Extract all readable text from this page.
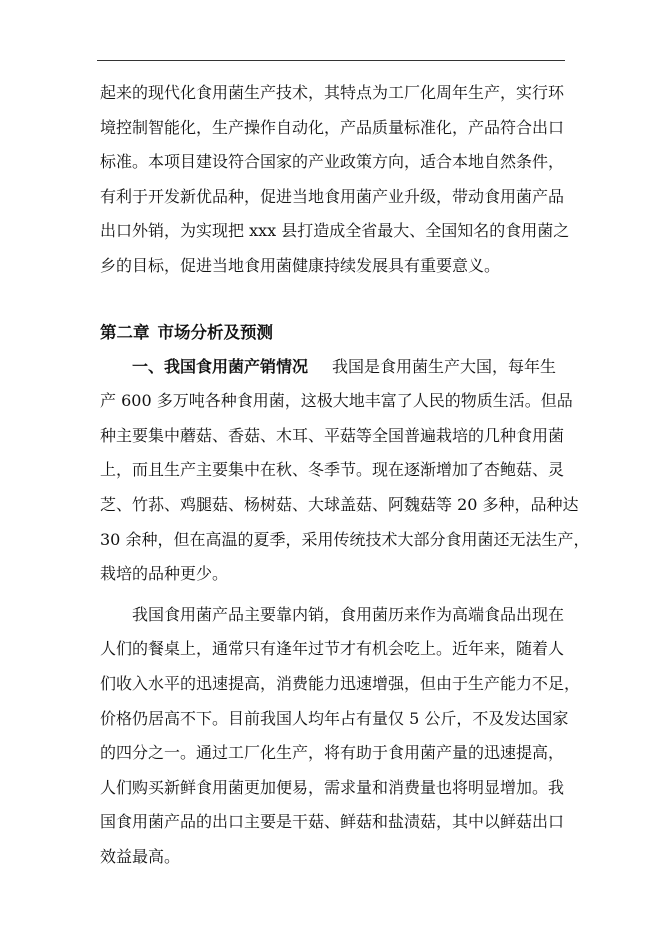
起来的现代化食用菌生产技术，其特点为工厂化周年生产，实行环
境控制智能化，生产操作自动化，产品质量标准化，产品符合出口
标准。本项目建设符合国家的产业政策方向，适合本地自然条件，
有利于开发新优品种，促进当地食用菌产业升级，带动食用菌产品
出口外销，为实现把 xxx 县打造成全省最大、全国知名的食用菌之
乡的目标，促进当地食用菌健康持续发展具有重要意义。
第二章 市场分析及预测
一、我国食用菌产销情况 我国是食用菌生产大国，每年生
产 600 多万吨各种食用菌，这极大地丰富了人民的物质生活。但品
种主要集中蘑菇、香菇、木耳、平菇等全国普遍栽培的几种食用菌
上，而且生产主要集中在秋、冬季节。现在逐渐增加了杏鲍菇、灵
芝、竹荪、鸡腿菇、杨树菇、大球盖菇、阿魏菇等 20 多种，品种达
30 余种，但在高温的夏季，采用传统技术大部分食用菌还无法生产，
栽培的品种更少。
我国食用菌产品主要靠内销，食用菌历来作为高端食品出现在
人们的餐桌上，通常只有逢年过节才有机会吃上。近年来，随着人
们收入水平的迅速提高，消费能力迅速增强，但由于生产能力不足，
价格仍居高不下。目前我国人均年占有量仅 5 公斤，不及发达国家
的四分之一。通过工厂化生产，将有助于食用菌产量的迅速提高，
人们购买新鲜食用菌更加便易，需求量和消费量也将明显增加。我
国食用菌产品的出口主要是干菇、鲜菇和盐渍菇，其中以鲜菇出口
效益最高。
